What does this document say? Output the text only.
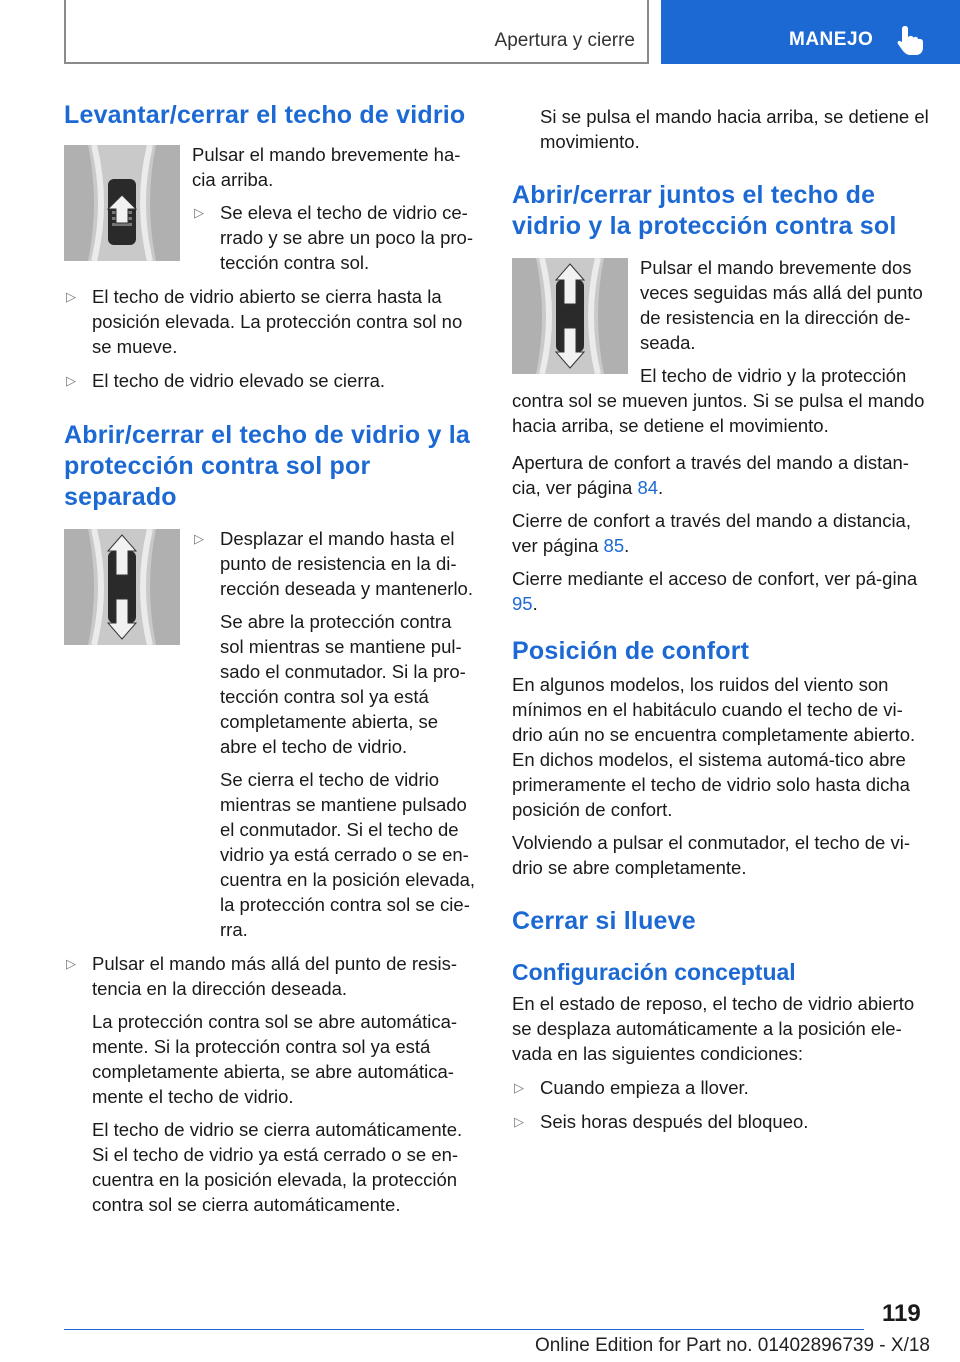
Apertura y cierre	MANEJO
Levantar/cerrar el techo de vidrio

Pulsar el mando brevemente ha-cia arriba.

▷ Se eleva el techo de vidrio ce-rrado y se abre un poco la pro-tección contra sol.
▷ El techo de vidrio abierto se cierra hasta la posición elevada. La protección contra sol no se mueve.
▷ El techo de vidrio elevado se cierra.
Abrir/cerrar el techo de vidrio y la protección contra sol por separado
▷ Desplazar el mando hasta el punto de resistencia en la di-rección deseada y mantenerlo.

Se abre la protección contra sol mientras se mantiene pul-sado el conmutador. Si la pro-tección contra sol ya está completamente abierta, se abre el techo de vidrio.

Se cierra el techo de vidrio mientras se mantiene pulsado el conmutador. Si el techo de vidrio ya está cerrado o se en-cuentra en la posición elevada, la protección contra sol se cie-rra.

▷ Pulsar el mando más allá del punto de resis-tencia en la dirección deseada.

La protección contra sol se abre automática-mente. Si la protección contra sol ya está completamente abierta, se abre automática-mente el techo de vidrio.

El techo de vidrio se cierra automáticamente. Si el techo de vidrio ya está cerrado o se en-cuentra en la posición elevada, la protección contra sol se cierra automáticamente.

Si se pulsa el mando hacia arriba, se detiene el movimiento.

Abrir/cerrar juntos el techo de vidrio y la protección contra sol

Pulsar el mando brevemente dos veces seguidas más allá del punto de resistencia en la dirección de-seada.

El techo de vidrio y la protección contra sol se mueven juntos. Si se pulsa el mando hacia arriba, se detiene el movimiento.

Apertura de confort a través del mando a distan-cia, ver página 84.

Cierre de confort a través del mando a distancia, ver página 85.

Cierre mediante el acceso de confort, ver pá-gina 95.

Posición de confort

En algunos modelos, los ruidos del viento son mínimos en el habitáculo cuando el techo de vi-drio aún no se encuentra completamente abierto. En dichos modelos, el sistema automá-tico abre primeramente el techo de vidrio solo hasta dicha posición de confort.

Volviendo a pulsar el conmutador, el techo de vi-drio se abre completamente.

Cerrar si llueve
Configuración conceptual

En el estado de reposo, el techo de vidrio abierto se desplaza automáticamente a la posición ele-vada en las siguientes condiciones:

▷ Cuando empieza a llover.
▷ Seis horas después del bloqueo.
119
Online Edition for Part no. 01402896739 - X/18
